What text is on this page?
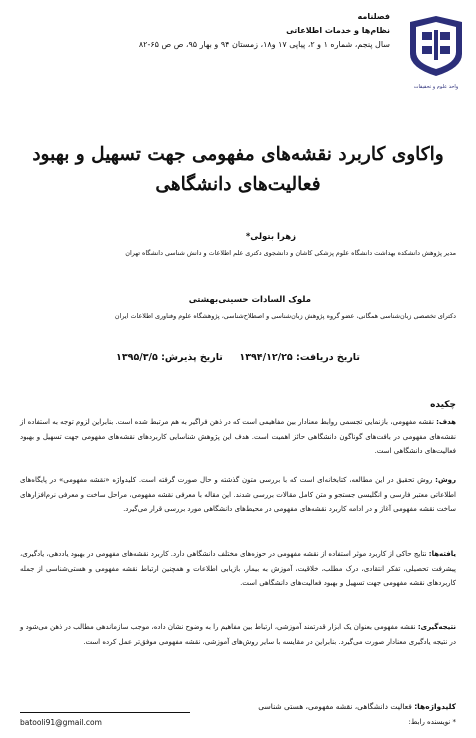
واحد علوم و تحقیقات
فصلنامه
نظام‌ها و خدمات اطلاعاتی
سال پنجم، شماره ۱ و ۲، پیاپی ۱۷ و۱۸، زمستان ۹۴ و بهار ۹۵، ص ص ۶۵-۸۲
واکاوی کاربرد نقشه‌های مفهومی جهت تسهیل و بهبود فعالیت‌های دانشگاهی
زهرا بتولی*
مدیر پژوهش دانشکده بهداشت دانشگاه علوم پزشکی کاشان و دانشجوی دکتری علم اطلاعات و دانش شناسی دانشگاه تهران
ملوک السادات حسینی‌بهشتی
دکترای تخصصی زبان‌شناسی همگانی، عضو گروه پژوهش زبان‌شناسی و اصطلاح‌شناسی، پژوهشگاه علوم وفناوری اطلاعات ایران
تاریخ دریافت: ۱۳۹۴/۱۲/۲۵     تاریخ پذیرش: ۱۳۹۵/۳/۵
چکیده
هدف: نقشه مفهومی، بازنمایی تجسمی روابط معنادار بین مفاهیمی است که در ذهن فراگیر به هم مرتبط شده است. بنابراین لزوم توجه به استفاده از نقشه‌های مفهومی در بافت‌های گوناگون دانشگاهی حائز اهمیت است. هدف این پژوهش شناسایی کاربردهای نقشه‌های مفهومی جهت تسهیل و بهبود فعالیت‌های دانشگاهی است.
روش: روش تحقیق در این مطالعه، کتابخانه‌ای است که با بررسی متون گذشته و حال صورت گرفته است. کلیدواژه «نقشه مفهومی» در پایگاه‌های اطلاعاتی معتبر فارسی و انگلیسی جستجو و متن کامل مقالات بررسی شدند. این مقاله با معرفی نقشه مفهومی، مراحل ساخت و معرفی نرم‌افزارهای ساخت نقشه مفهومی آغاز و در ادامه کاربرد نقشه‌های مفهومی در محیط‌های دانشگاهی مورد بررسی قرار می‌گیرد.
یافته‌ها: نتایج حاکی از کاربرد موثر استفاده از نقشه مفهومی در حوزه‌های مختلف دانشگاهی دارد. کاربرد نقشه‌های مفهومی در بهبود یاددهی، یادگیری، پیشرفت تحصیلی، تفکر انتقادی، درک مطلب، خلاقیت، آموزش به بیمار، بازیابی اطلاعات و همچنین ارتباط نقشه مفهومی و هستی‌شناسی از جمله کاربردهای نقشه مفهومی جهت تسهیل و بهبود فعالیت‌های دانشگاهی است.
نتیجه‌گیری: نقشه مفهومی بعنوان یک ابزار قدرتمند آموزشی، ارتباط بین مفاهیم را به وضوح نشان داده، موجب سازماندهی مطالب در ذهن می‌شود و در نتیجه یادگیری معنادار صورت می‌گیرد. بنابراین در مقایسه با سایر روش‌های آموزشی، نقشه مفهومی موفق‌تر عمل کرده است.
کلیدواژه‌ها: فعالیت دانشگاهی، نقشه مفهومی، هستی شناسی
batooli91@gmail.com	* نویسنده رابط:
